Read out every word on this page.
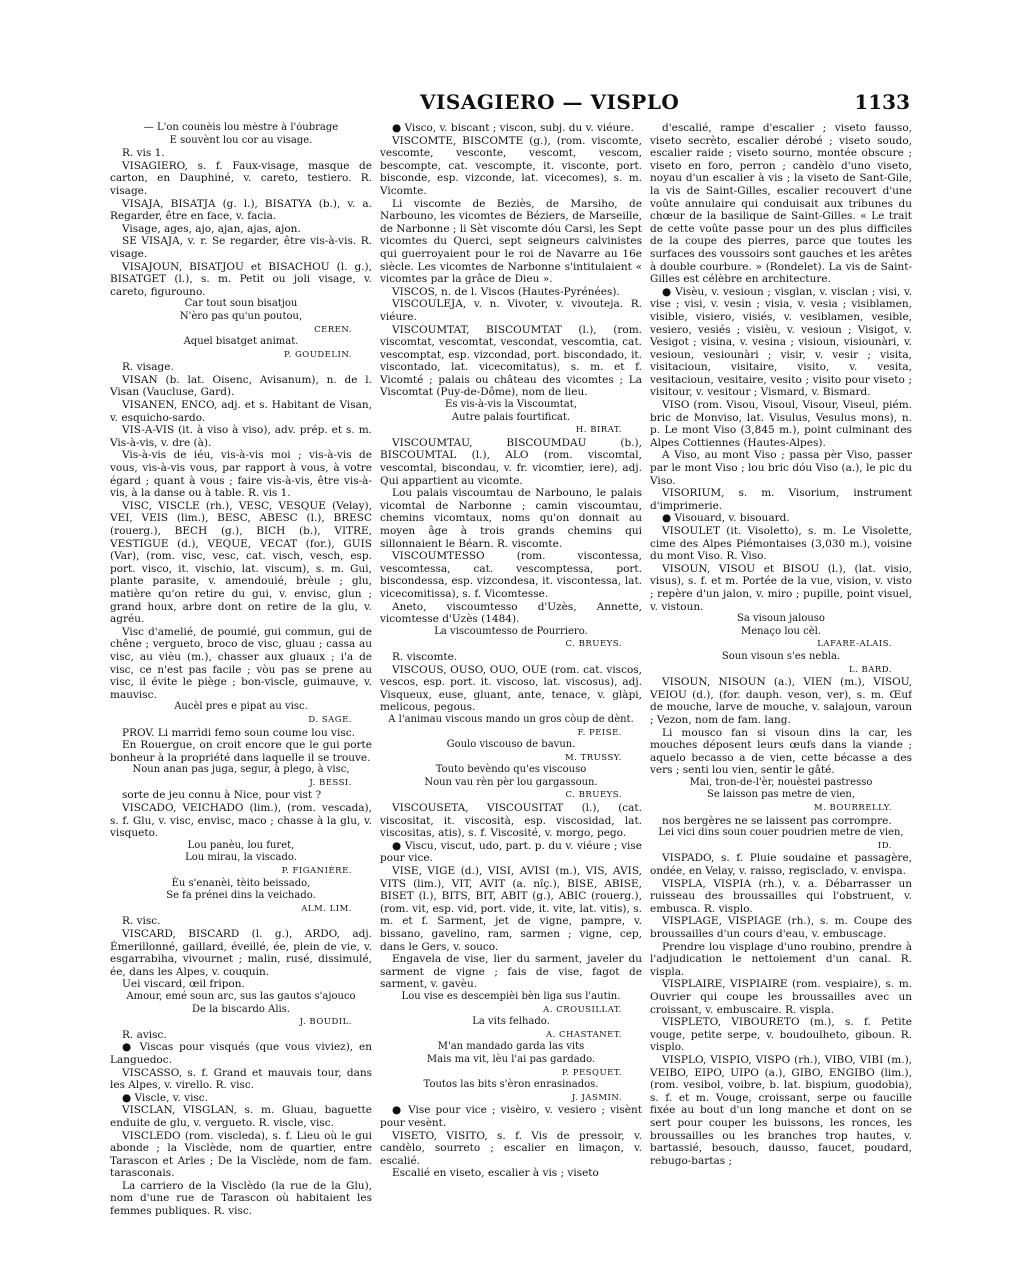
VISAGIERO — VISPLO	1133

— L'on counèis lou mèstre à l'óubrage

E souvènt lou cor au visage.

R. vis 1.

VISAGIERO, s. f. Faux-visage, masque de carton, en Dauphiné, v. careto, testiero. R. visage.

VISAJA, BISATJA (g. l.), BISATYA (b.), v. a. Regarder, être en face, v. facia.

Visage, ages, ajo, ajan, ajas, ajon.

SE VISAJA, v. r. Se regarder, être vis-à-vis. R. visage.

VISAJOUN, BISATJOU et BISACHOU (l. g.), BISATGET (l.), s. m. Petit ou joli visage, v. careto, figurouno.

Car tout soun bisatjou

N'èro pas qu'un poutou,

CEREN.

Aquel bisatget animat.

P. GOUDELIN.

R. visage.

VISAN (b. lat. Oisenc, Avisanum), n. de l. Visan (Vaucluse, Gard).

VISANEN, ENCO, adj. et s. Habitant de Visan, v. esquicho-sardo.

VIS-A-VIS (it. à viso à viso), adv. prép. et s. m. Vis-à-vis, v. dre (à).

Vis-à-vis de iéu, vis-à-vis moi ; vis-à-vis de vous, vis-à-vis vous, par rapport à vous, à votre égard ; quant à vous ; faire vis-à-vis, être vis-à-vis, à la danse ou à table. R. vis 1.

VISC, VISCLE (rh.), VESC, VESQUE (Velay), VEI, VEIS (lim.), BESC, ABESC (l.), BRESC (rouerg.), BECH (g.), BICH (b.), VITRE, VESTIGUE (d.), VEQUE, VECAT (for.), GUIS (Var), (rom. visc, vesc, cat. visch, vesch, esp. port. visco, it. vischio, lat. viscum), s. m. Gui, plante parasite, v. amendouié, brèule ; glu, matière qu'on retire du gui, v. envisc, glun ; grand houx, arbre dont on retire de la glu, v. agréu.

Visc d'amelié, de poumié, gui commun, gui de chêne ; vergueto, broco de visc, gluau ; cassa au visc, au vièu (m.), chasser aux gluaux ; i'a de visc, ce n'est pas facile ; vòu pas se prene au visc, il évite le piège ; bon-viscle, guimauve, v. mauvisc.

Aucèl pres e pipat au visc.

D. SAGE.

PROV. Li marrìdi femo soun coume lou visc.

En Rouergue, on croit encore que le gui porte bonheur à la propriété dans laquelle il se trouve.

Noun anan pas juga, segur, à plego, à visc,

J. BESSI.

sorte de jeu connu à Nice, pour vist ?

VISCADO, VEICHADO (lim.), (rom. vescada), s. f. Glu, v. visc, envisc, maco ; chasse à la glu, v. visqueto.

Lou panèu, lou furet,

Lou mirau, la viscado.

P. FIGANIÈRE.

Èu s'enanèi, tèito beissado,

Se fa prénei dins la veichado.

ALM. LIM.

R. visc.

VISCARD, BISCARD (l. g.), ARDO, adj. Émerillonné, gaillard, éveillé, ée, plein de vie, v. esgarrabiha, vivournet ; malin, rusé, dissimulé, ée, dans les Alpes, v. couquin.

Uei viscard, œil fripon.

Amour, emé soun arc, sus las gautos s'ajouco

De la biscardo Alis.

J. BOUDIL.

R. avisc.

● Viscas pour visqués (que vous viviez), en Languedoc.

VISCASSO, s. f. Grand et mauvais tour, dans les Alpes, v. virello. R. visc.

● Viscle, v. visc.

VISCLAN, VISGLAN, s. m. Gluau, baguette enduite de glu, v. vergueto. R. viscle, visc.

VISCLEDO (rom. viscleda), s. f. Lieu où le gui abonde ; la Visclède, nom de quartier, entre Tarascon et Arles ; De la Visclède, nom de fam. tarasconais.

La carriero de la Visclèdo (la rue de la Glu), nom d'une rue de Tarascon où habitaient les femmes publiques. R. visc.

● Visco, v. biscant ; viscon, subj. du v. viéure.

VISCOMTE, BISCOMTE (g.), (rom. viscomte, vescomte, vesconte, vescomt, vescom, bescompte, cat. vescompte, it. visconte, port. bisconde, esp. vizconde, lat. vicecomes), s. m. Vicomte.

Li viscomte de Beziès, de Marsiho, de Narbouno, les vicomtes de Béziers, de Marseille, de Narbonne ; li Sèt viscomte dóu Carsi, les Sept vicomtes du Querci, sept seigneurs calvinistes qui guerroyaient pour le roi de Navarre au 16e siècle. Les vicomtes de Narbonne s'intitulaient « vicomtes par la grâce de Dieu ».

VISCOS, n. de l. Viscos (Hautes-Pyrénées).

VISCOULEJA, v. n. Vivoter, v. vivouteja. R. viéure.

VISCOUMTAT, BISCOUMTAT (l.), (rom. viscomtat, vescomtat, vescondat, vescomtia, cat. vescomptat, esp. vizcondad, port. biscondado, it. viscontado, lat. vicecomitatus), s. m. et f. Vicomté ; palais ou château des vicomtes ; La Viscomtat (Puy-de-Dôme), nom de lieu.

Es vis-à-vis la Viscoumtat,

Autre palais fourtificat.

H. BIRAT.

VISCOUMTAU, BISCOUMDAU (b.), BISCOUMTAL (l.), ALO (rom. viscomtal, vescomtal, biscondau, v. fr. vicomtier, iere), adj. Qui appartient au vicomte.

Lou palais viscoumtau de Narbouno, le palais vicomtal de Narbonne ; camin viscoumtau, chemins vicomtaux, noms qu'on donnait au moyen âge à trois grands chemins qui sillonnaient le Béarn. R. viscomte.

VISCOUMTESSO (rom. viscontessa, vescomtessa, cat. vescomptessa, port. biscondessa, esp. vizcondesa, it. viscontessa, lat. vicecomitissa), s. f. Vicomtesse.

Aneto, viscoumtesso d'Uzès, Annette, vicomtesse d'Uzès (1484).

La viscoumtesso de Pourriero.

C. BRUEYS.

R. viscomte.

VISCOUS, OUSO, OUO, OUE (rom. cat. viscos, vescos, esp. port. it. viscoso, lat. viscosus), adj. Visqueux, euse, gluant, ante, tenace, v. glàpi, melicous, pegous.

A l'animau viscous mando un gros còup de dènt.

F. PEISE.

Goulo viscouso de bavun.

M. TRUSSY.

Touto bevèndo qu'es viscouso

Noun vau rèn pèr lou gargassoun.

C. BRUEYS.

VISCOUSETA, VISCOUSITAT (l.), (cat. viscositat, it. viscosità, esp. viscosidad, lat. viscositas, atis), s. f. Viscosité, v. morgo, pego.

● Viscu, viscut, udo, part. p. du v. viéure ; vise pour vice.

VISE, VIGE (d.), VISI, AVISI (m.), VIS, AVIS, VITS (lim.), VIT, AVIT (a. nîç.), BISE, ABISE, BISET (l.), BITS, BIT, ABIT (g.), ABIC (rouerg.), (rom. vit, esp. vid, port. vide, it. vite, lat. vitis), s. m. et f. Sarment, jet de vigne, pampre, v. bissano, gavelino, ram, sarmen ; vigne, cep, dans le Gers, v. souco.

Engavela de vise, lier du sarment, javeler du sarment de vigne ; fais de vise, fagot de sarment, v. gavèu.

Lou vise es descempièi bèn liga sus l'autin.

A. CROUSILLAT.

La vits felhado.

A. CHASTANET.

M'an mandado garda las vits

Mais ma vit, lèu l'ai pas gardado.

P. PESQUET.

Toutos las bits s'èron enrasinados.

J. JASMIN.

● Vise pour vice ; visèiro, v. vesiero ; visènt pour vesènt.

VISETO, VISITO, s. f. Vis de pressoir, v. candèlo, sourreto ; escalier en limaçon, v. escalié.

Escalié en viseto, escalier à vis ; viseto

d'escalié, rampe d'escalier ; viseto fausso, viseto secrèto, escalier dérobé ; viseto soudo, escalier raide ; viseto sourno, montée obscure ; viseto en foro, perron ; candèlo d'uno viseto, noyau d'un escalier à vis ; la viseto de Sant-Gile, la vis de Saint-Gilles, escalier recouvert d'une voûte annulaire qui conduisait aux tribunes du chœur de la basilique de Saint-Gilles. « Le trait de cette voûte passe pour un des plus difficiles de la coupe des pierres, parce que toutes les surfaces des voussoirs sont gauches et les arêtes à double courbure. » (Rondelet). La vis de Saint-Gilles est célèbre en architecture.

● Visèu, v. vesioun ; visglan, v. visclan ; visi, v. vise ; visi, v. vesin ; visia, v. vesia ; visiblamen, visible, visiero, visiés, v. vesiblamen, vesible, vesiero, vesiés ; visièu, v. vesioun ; Visigot, v. Vesigot ; visina, v. vesina ; visioun, visiounàri, v. vesioun, vesiounàri ; visir, v. vesir ; visita, visitacioun, visitaire, visito, v. vesita, vesitacioun, vesitaire, vesito ; visito pour viseto ; visitour, v. vesitour ; Vismard, v. Bismard.

VISO (rom. Visou, Visoul, Visour, Viseul, piém. bric de Monviso, lat. Visulus, Vesulus mons), n. p. Le mont Viso (3,845 m.), point culminant des Alpes Cottiennes (Hautes-Alpes).

A Viso, au mont Viso ; passa pèr Viso, passer par le mont Viso ; lou bric dóu Viso (a.), le pic du Viso.

VISORIUM, s. m. Visorium, instrument d'imprimerie.

● Visouard, v. bisouard.

VISOULET (it. Visoletto), s. m. Le Visolette, cime des Alpes Piémontaises (3,030 m.), voisine du mont Viso. R. Viso.

VISOUN, VISOU et BISOU (l.), (lat. visio, visus), s. f. et m. Portée de la vue, vision, v. visto ; repère d'un jalon, v. miro ; pupille, point visuel, v. vistoun.

Sa visoun jalouso

Menaço lou cèl.

LAFARE-ALAIS.

Soun visoun s'es nebla.

L. BARD.

VISOUN, NISOUN (a.), VIEN (m.), VISOU, VEIOU (d.), (for. dauph. veson, ver), s. m. Œuf de mouche, larve de mouche, v. salajoun, varoun ; Vezon, nom de fam. lang.

Li mousco fan si visoun dins la car, les mouches déposent leurs œufs dans la viande ; aquelo becasso a de vien, cette bécasse a des vers ; senti lou vien, sentir le gâté.

Mai, tron-de-l'èr, nouèstei pastresso

Se laisson pas metre de vien,

M. BOURRELLY.

nos bergères ne se laissent pas corrompre.

Lei vici dins soun couer poudrien metre de vien,

ID.

VISPADO, s. f. Pluie soudaine et passagère, ondée, en Velay, v. raisso, regisclado, v. envispa.

VISPLA, VISPIA (rh.), v. a. Débarrasser un ruisseau des broussailles qui l'obstruent, v. embusca. R. visplo.

VISPLAGE, VISPIAGE (rh.), s. m. Coupe des broussailles d'un cours d'eau, v. embuscage.

Prendre lou visplage d'uno roubino, prendre à l'adjudication le nettoiement d'un canal. R. vispla.

VISPLAIRE, VISPIAIRE (rom. vespiaire), s. m. Ouvrier qui coupe les broussailles avec un croissant, v. embuscaire. R. vispla.

VISPLETO, VIBOURETO (m.), s. f. Petite vouge, petite serpe, v. boudoulheto, giboun. R. visplo.

VISPLO, VISPIO, VISPO (rh.), VIBO, VIBI (m.), VEIBO, EIPO, UIPO (a.), GIBO, ENGIBO (lim.), (rom. vesibol, voibre, b. lat. bispium, guodobia), s. f. et m. Vouge, croissant, serpe ou faucille fixée au bout d'un long manche et dont on se sert pour couper les buissons, les ronces, les broussailles ou les branches trop hautes, v. bartassié, besouch, dausso, faucet, poudard, rebugo-bartas ;
